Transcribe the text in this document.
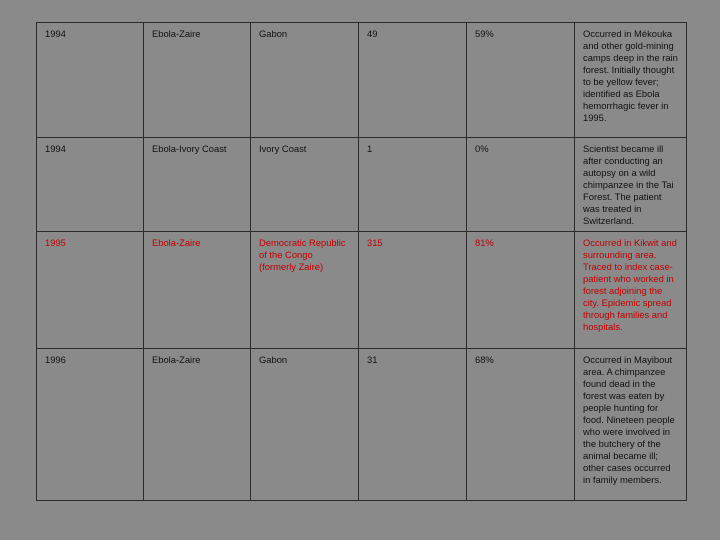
1994	Ebola-Zaire	Gabon	49	59%	Occurred in Mékouka and other gold-mining camps deep in the rain forest. Initially thought to be yellow fever; identified as Ebola hemorrhagic fever in 1995.
1994	Ebola-Ivory Coast	Ivory Coast	1	0%	Scientist became ill after conducting an autopsy on a wild chimpanzee in the Tai Forest. The patient was treated in Switzerland.
1995	Ebola-Zaire	Democratic Republic of the Congo (formerly Zaire)	315	81%	Occurred in Kikwit and surrounding area. Traced to index case-patient who worked in forest adjoining the city. Epidemic spread through families and hospitals.
1996	Ebola-Zaire	Gabon	31	68%	Occurred in Mayibout area. A chimpanzee found dead in the forest was eaten by people hunting for food. Nineteen people who were involved in the butchery of the animal became ill; other cases occurred in family members.
